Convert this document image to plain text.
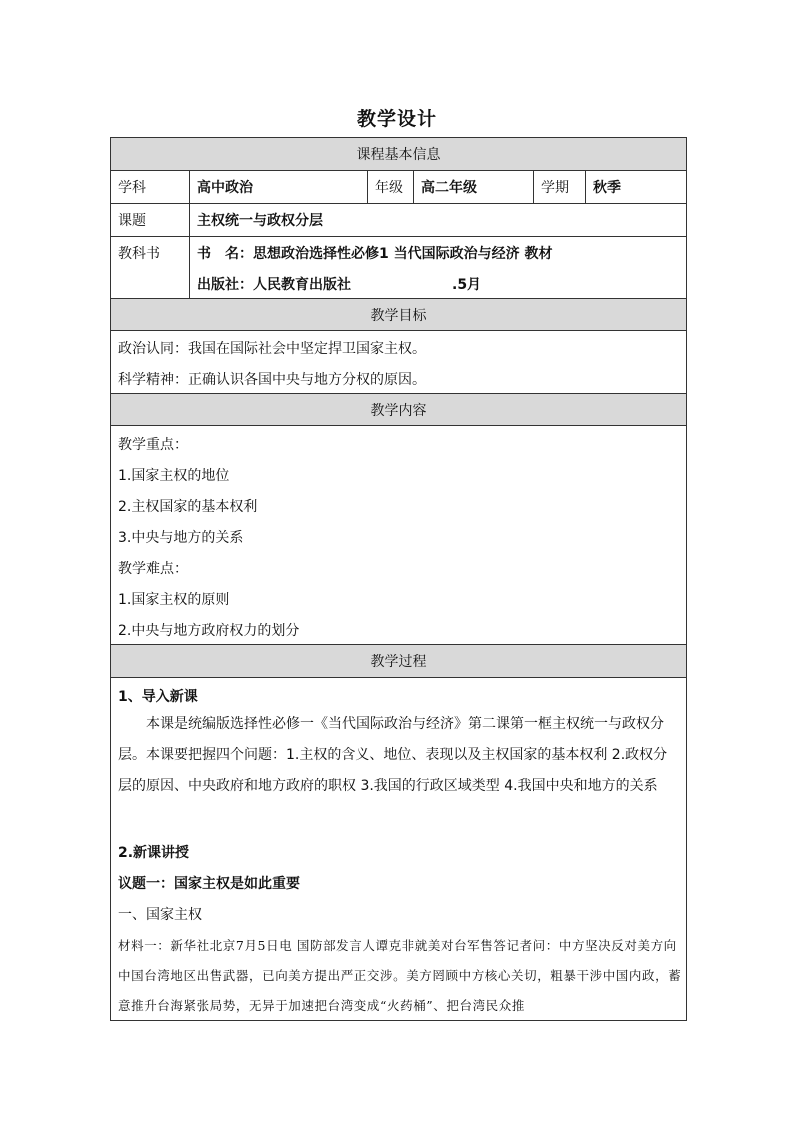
教学设计
课程基本信息
学科	高中政治	年级	高二年级	学期	秋季
课题	主权统一与政权分层
教科书	书　名：思想政治选择性必修1 当代国际政治与经济 教材
出版社：人民教育出版社	.5月
教学目标
政治认同：我国在国际社会中坚定捍卫国家主权。
科学精神：正确认识各国中央与地方分权的原因。
教学内容
教学重点：
1.国家主权的地位
2.主权国家的基本权利
3.中央与地方的关系
教学难点：
1.国家主权的原则
2.中央与地方政府权力的划分
教学过程
1、导入新课
本课是统编版选择性必修一《当代国际政治与经济》第二课第一框主权统一与政权分层。本课要把握四个问题：1.主权的含义、地位、表现以及主权国家的基本权利 2.政权分层的原因、中央政府和地方政府的职权 3.我国的行政区域类型 4.我国中央和地方的关系
2.新课讲授
议题一：国家主权是如此重要
一、国家主权
材料一：新华社北京7月5日电 国防部发言人谭克非就美对台军售答记者问：中方坚决反对美方向中国台湾地区出售武器，已向美方提出严正交涉。美方罔顾中方核心关切，粗暴干涉中国内政，蓄意推升台海紧张局势，无异于加速把台湾变成“火药桶”、把台湾民众推
